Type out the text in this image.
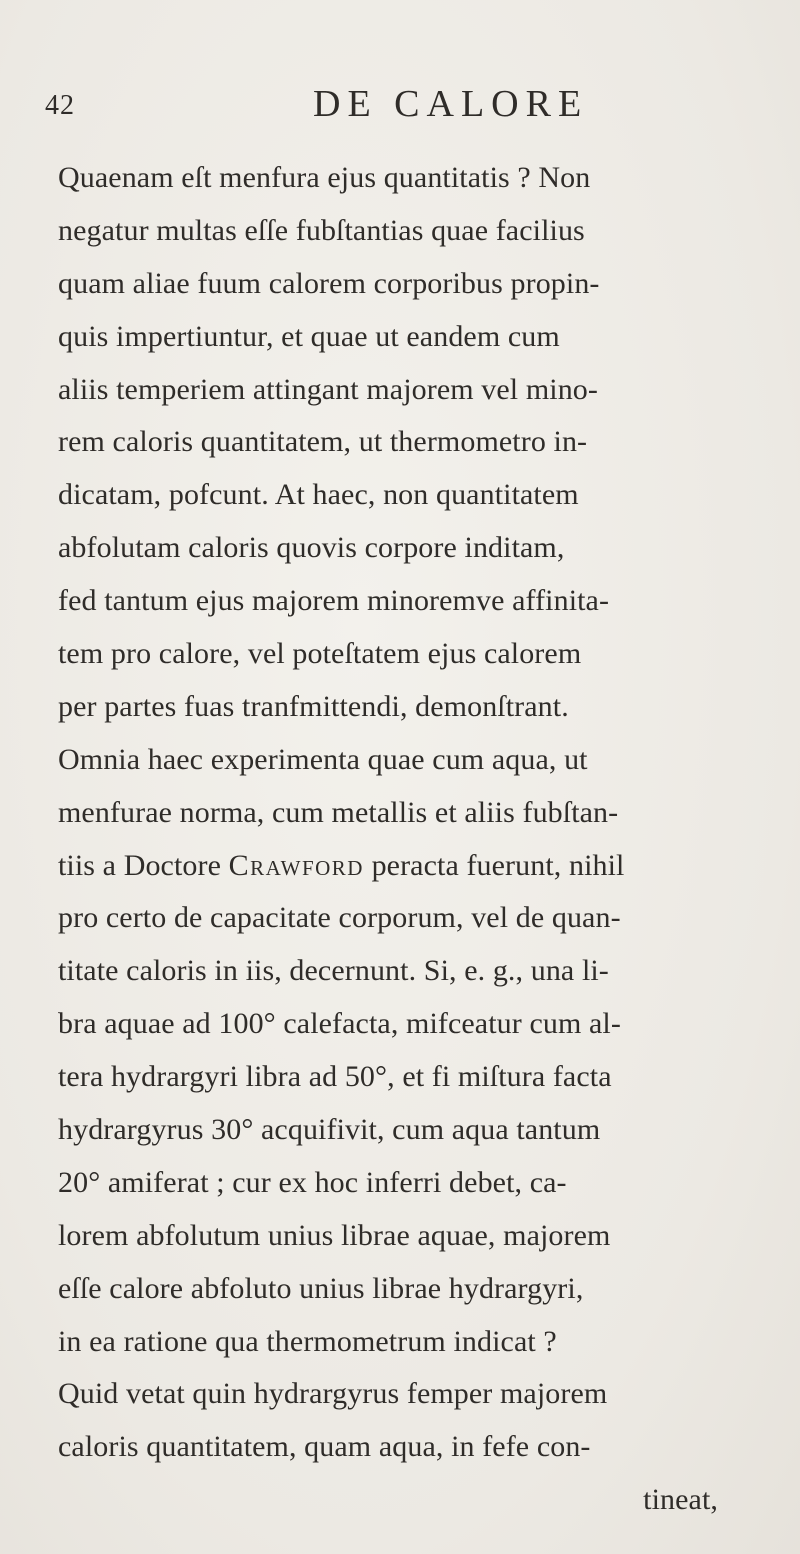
42	DE CALORE
Quaenam eſt menfura ejus quantitatis ? Non
negatur multas eſſe fubſtantias quae facilius
quam aliae fuum calorem corporibus propin-
quis impertiuntur, et quae ut eandem cum
aliis temperiem attingant majorem vel mino-
rem caloris quantitatem, ut thermometro in-
dicatam, pofcunt. At haec, non quantitatem
abfolutam caloris quovis corpore inditam,
fed tantum ejus majorem minoremve affinita-
tem pro calore, vel poteſtatem ejus calorem
per partes fuas tranfmittendi, demonſtrant.
Omnia haec experimenta quae cum aqua, ut
menfurae norma, cum metallis et aliis fubſtan-
tiis a Doctore Crawford peracta fuerunt, nihil
pro certo de capacitate corporum, vel de quan-
titate caloris in iis, decernunt. Si, e. g., una li-
bra aquae ad 100° calefacta, mifceatur cum al-
tera hydrargyri libra ad 50°, et fi miſtura facta
hydrargyrus 30° acquifivit, cum aqua tantum
20° amiferat ; cur ex hoc inferri debet, ca-
lorem abfolutum unius librae aquae, majorem
eſſe calore abfoluto unius librae hydrargyri,
in ea ratione qua thermometrum indicat ?
Quid vetat quin hydrargyrus femper majorem
caloris quantitatem, quam aqua, in fefe con-
tineat,
